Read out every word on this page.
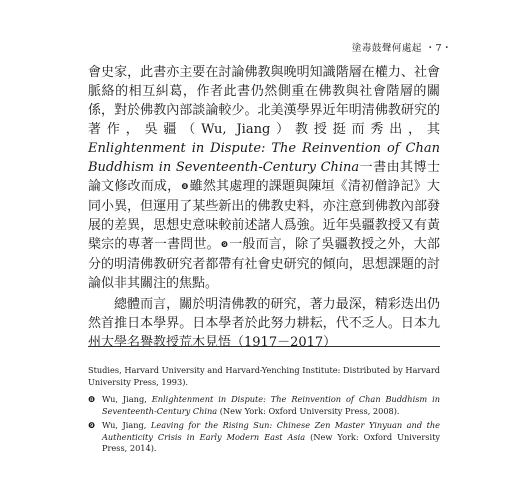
塗毒鼓聲何處起 ・7・

會史家，此書亦主要在討論佛教與晚明知識階層在權力、社會脈絡的相互糾葛，作者此書仍然側重在佛教與社會階層的關係，對於佛教內部談論較少。北美漢學界近年明清佛教研究的著作，吳疆（Wu, Jiang）教授挺而秀出，其Enlightenment in Dispute: The Reinvention of Chan Buddhism in Seventeenth-Century China一書由其博士論文修改而成，❽雖然其處理的課題與陳垣《清初僧諍記》大同小異，但運用了某些新出的佛教史料，亦注意到佛教內部發展的差異，思想史意味較前述諸人爲強。近年吳疆教授又有黃檗宗的專著一書問世。❾一般而言，除了吳疆教授之外，大部分的明清佛教研究者都帶有社會史研究的傾向，思想課題的討論似非其關注的焦點。

總體而言，關於明清佛教的研究，著力最深，精彩迭出仍然首推日本學界。日本學者於此努力耕耘，代不乏人。日本九州大學名譽教授荒木見悟（1917－2017）

Studies, Harvard University and Harvard-Yenching Institute: Distributed by Harvard University Press, 1993).

❽ Wu, Jiang, Enlightenment in Dispute: The Reinvention of Chan Buddhism in Seventeenth-Century China (New York: Oxford University Press, 2008).

❾ Wu, Jiang, Leaving for the Rising Sun: Chinese Zen Master Yinyuan and the Authenticity Crisis in Early Modern East Asia (New York: Oxford University Press, 2014).
